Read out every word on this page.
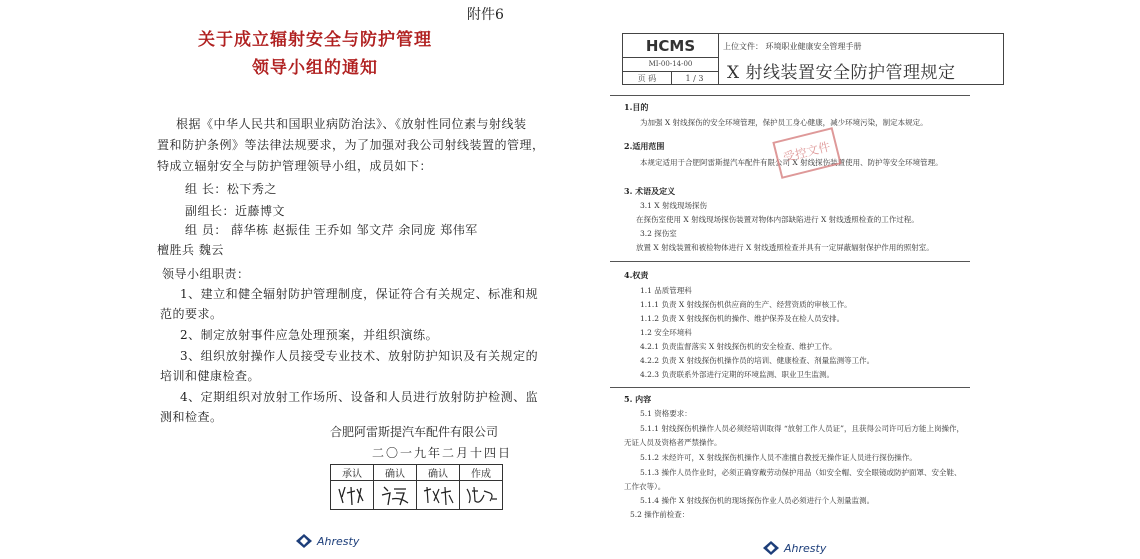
附件6
关于成立辐射安全与防护管理
领导小组的通知
根据《中华人民共和国职业病防治法》、《放射性同位素与射线装
置和防护条例》等法律法规要求，为了加强对我公司射线装置的管理，
特成立辐射安全与防护管理领导小组，成员如下：
组 长：松下秀之
副组长：近藤博文
组 员： 薛华栋 赵振佳 王乔如 邹文芹 余同庞 郑伟军
檀胜兵 魏云
领导小组职责：
1、建立和健全辐射防护管理制度，保证符合有关规定、标准和规
范的要求。
2、制定放射事件应急处理预案，并组织演练。
3、组织放射操作人员接受专业技术、放射防护知识及有关规定的
培训和健康检查。
4、定期组织对放射工作场所、设备和人员进行放射防护检测、监
测和检查。
合肥阿雷斯提汽车配件有限公司
二〇一九年二月十四日
承认	确认	确认	作成

Ahresty
HCMS
MI-00-14-00
页 码	1 / 3
上位文件： 环境职业健康安全管理手册
X 射线装置安全防护管理规定
1.目的
为加强 X 射线探伤的安全环境管理，保护员工身心健康，减少环境污染，制定本规定。
2.适用范围
本规定适用于合肥阿雷斯提汽车配件有限公司 X 射线探伤装置使用、防护等安全环境管理。
受控文件
3. 术语及定义
3.1 X 射线现场探伤
在探伤室使用 X 射线现场探伤装置对物体内部缺陷进行 X 射线透照检查的工作过程。
3.2 探伤室
放置 X 射线装置和被检物体进行 X 射线透照检查并具有一定屏蔽辐射保护作用的照射室。
4.权责
1.1 品质管理科
1.1.1 负责 X 射线探伤机供应商的生产、经营资质的审核工作。
1.1.2 负责 X 射线探伤机的操作、维护保养及在检人员安排。
1.2 安全环境科
4.2.1 负责监督落实 X 射线探伤机的安全检查、维护工作。
4.2.2 负责 X 射线探伤机操作员的培训、健康检查、剂量监测等工作。
4.2.3 负责联系外部进行定期的环境监测、职业卫生监测。
5. 内容
5.1 资格要求：
5.1.1 射线探伤机操作人员必须经培训取得 “放射工作人员证”，且获得公司许可后方能上岗操作，
无证人员及资格者严禁操作。
5.1.2 未经许可，X 射线探伤机操作人员不准擅自教授无操作证人员进行探伤操作。
5.1.3 操作人员作业时，必须正确穿戴劳动保护用品（如安全帽、安全眼镜或防护面罩、安全鞋、
工作衣等）。
5.1.4 操作 X 射线探伤机的现场探伤作业人员必须进行个人剂量监测。
5.2 操作前检查：
Ahresty
